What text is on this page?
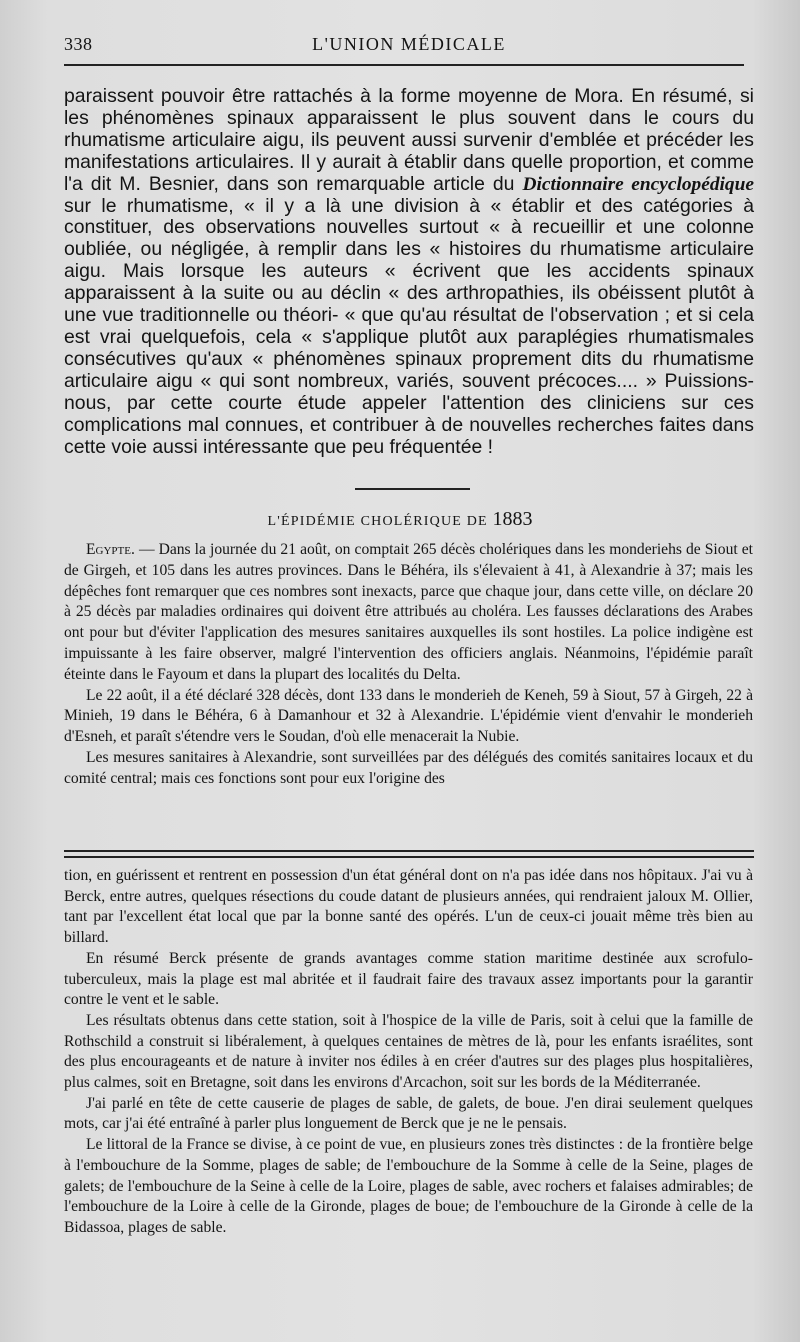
338	L'UNION MÉDICALE

paraissent pouvoir être rattachés à la forme moyenne de Mora. En résumé, si les phénomènes spinaux apparaissent le plus souvent dans le cours du rhumatisme articulaire aigu, ils peuvent aussi survenir d'emblée et précéder les manifestations articulaires. Il y aurait à établir dans quelle proportion, et comme l'a dit M. Besnier, dans son remarquable article du Dictionnaire encyclopédique sur le rhumatisme, « il y a là une division à « établir et des catégories à constituer, des observations nouvelles surtout « à recueillir et une colonne oubliée, ou négligée, à remplir dans les « histoires du rhumatisme articulaire aigu. Mais lorsque les auteurs « écrivent que les accidents spinaux apparaissent à la suite ou au déclin « des arthropathies, ils obéissent plutôt à une vue traditionnelle ou théori- « que qu'au résultat de l'observation ; et si cela est vrai quelquefois, cela « s'applique plutôt aux paraplégies rhumatismales consécutives qu'aux « phénomènes spinaux proprement dits du rhumatisme articulaire aigu « qui sont nombreux, variés, souvent précoces.... » Puissions-nous, par cette courte étude appeler l'attention des cliniciens sur ces complications mal connues, et contribuer à de nouvelles recherches faites dans cette voie aussi intéressante que peu fréquentée !

L'ÉPIDÉMIE CHOLÉRIQUE DE 1883

Egypte. — Dans la journée du 21 août, on comptait 265 décès cholériques dans les monderiehs de Siout et de Girgeh, et 105 dans les autres provinces. Dans le Béhéra, ils s'élevaient à 41, à Alexandrie à 37; mais les dépêches font remarquer que ces nombres sont inexacts, parce que chaque jour, dans cette ville, on déclare 20 à 25 décès par maladies ordinaires qui doivent être attribués au choléra. Les fausses déclarations des Arabes ont pour but d'éviter l'application des mesures sanitaires auxquelles ils sont hostiles. La police indigène est impuissante à les faire observer, malgré l'intervention des officiers anglais. Néanmoins, l'épidémie paraît éteinte dans le Fayoum et dans la plupart des localités du Delta.

Le 22 août, il a été déclaré 328 décès, dont 133 dans le monderieh de Keneh, 59 à Siout, 57 à Girgeh, 22 à Minieh, 19 dans le Béhéra, 6 à Damanhour et 32 à Alexandrie. L'épidémie vient d'envahir le monderieh d'Esneh, et paraît s'étendre vers le Soudan, d'où elle menacerait la Nubie.

Les mesures sanitaires à Alexandrie, sont surveillées par des délégués des comités sanitaires locaux et du comité central; mais ces fonctions sont pour eux l'origine des

tion, en guérissent et rentrent en possession d'un état général dont on n'a pas idée dans nos hôpitaux. J'ai vu à Berck, entre autres, quelques résections du coude datant de plusieurs années, qui rendraient jaloux M. Ollier, tant par l'excellent état local que par la bonne santé des opérés. L'un de ceux-ci jouait même très bien au billard.

En résumé Berck présente de grands avantages comme station maritime destinée aux scrofulo-tuberculeux, mais la plage est mal abritée et il faudrait faire des travaux assez importants pour la garantir contre le vent et le sable.

Les résultats obtenus dans cette station, soit à l'hospice de la ville de Paris, soit à celui que la famille de Rothschild a construit si libéralement, à quelques centaines de mètres de là, pour les enfants israélites, sont des plus encourageants et de nature à inviter nos édiles à en créer d'autres sur des plages plus hospitalières, plus calmes, soit en Bretagne, soit dans les environs d'Arcachon, soit sur les bords de la Méditerranée.

J'ai parlé en tête de cette causerie de plages de sable, de galets, de boue. J'en dirai seulement quelques mots, car j'ai été entraîné à parler plus longuement de Berck que je ne le pensais.

Le littoral de la France se divise, à ce point de vue, en plusieurs zones très distinctes : de la frontière belge à l'embouchure de la Somme, plages de sable; de l'embouchure de la Somme à celle de la Seine, plages de galets; de l'embouchure de la Seine à celle de la Loire, plages de sable, avec rochers et falaises admirables; de l'embouchure de la Loire à celle de la Gironde, plages de boue; de l'embouchure de la Gironde à celle de la Bidassoa, plages de sable.
